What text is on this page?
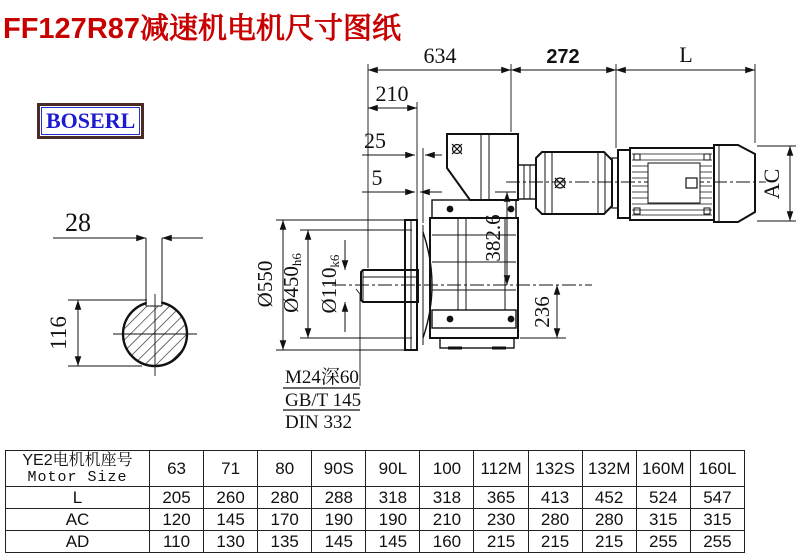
FF127R87减速机电机尺寸图纸
BOSERL
28
116
634	272	L
210
25
5
382.6
236
AC
Ø550 Ø450h6
Ø110k6
M24深60
GB/T 145
DIN 332
YE2电机机座号
Motor Size	63	71	80	90S	90L	100	112M	132S	132M	160M	160L
L	205	260	280	288	318	318	365	413	452	524	547
AC	120	145	170	190	190	210	230	280	280	315	315
AD	110	130	135	145	145	160	215	215	215	255	255
